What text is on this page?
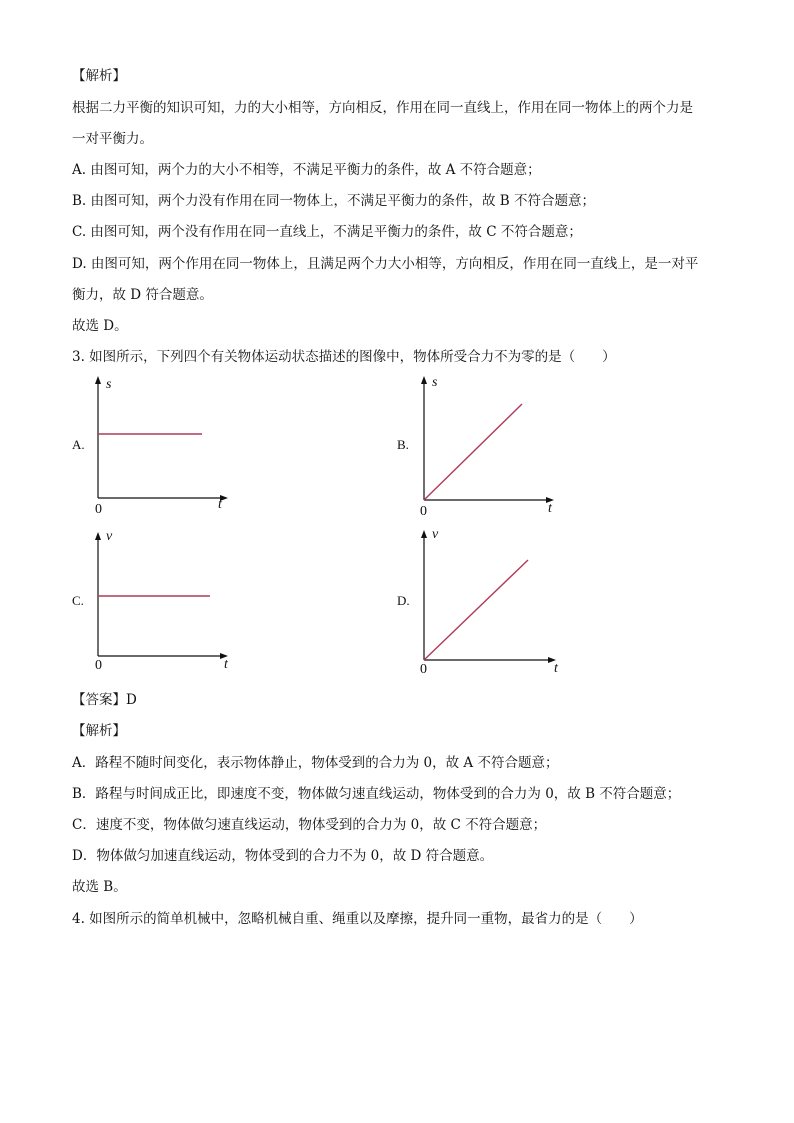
【解析】
根据二力平衡的知识可知，力的大小相等，方向相反，作用在同一直线上，作用在同一物体上的两个力是
一对平衡力。
A. 由图可知，两个力的大小不相等，不满足平衡力的条件，故 A 不符合题意；
B. 由图可知，两个力没有作用在同一物体上，不满足平衡力的条件，故 B 不符合题意；
C. 由图可知，两个没有作用在同一直线上，不满足平衡力的条件，故 C 不符合题意；
D. 由图可知，两个作用在同一物体上，且满足两个力大小相等，方向相反，作用在同一直线上，是一对平
衡力，故 D 符合题意。
故选 D。
3. 如图所示，下列四个有关物体运动状态描述的图像中，物体所受合力不为零的是（　　）
A.
s
t
0
B.
s
t
0
C.
v
t
0
D.
v
t
0
【答案】D
【解析】
A．路程不随时间变化，表示物体静止，物体受到的合力为 0，故 A 不符合题意；
B．路程与时间成正比，即速度不变，物体做匀速直线运动，物体受到的合力为 0，故 B 不符合题意；
C．速度不变，物体做匀速直线运动，物体受到的合力为 0，故 C 不符合题意；
D．物体做匀加速直线运动，物体受到的合力不为 0，故 D 符合题意。
故选 B。
4. 如图所示的简单机械中，忽略机械自重、绳重以及摩擦，提升同一重物，最省力的是（　　）
